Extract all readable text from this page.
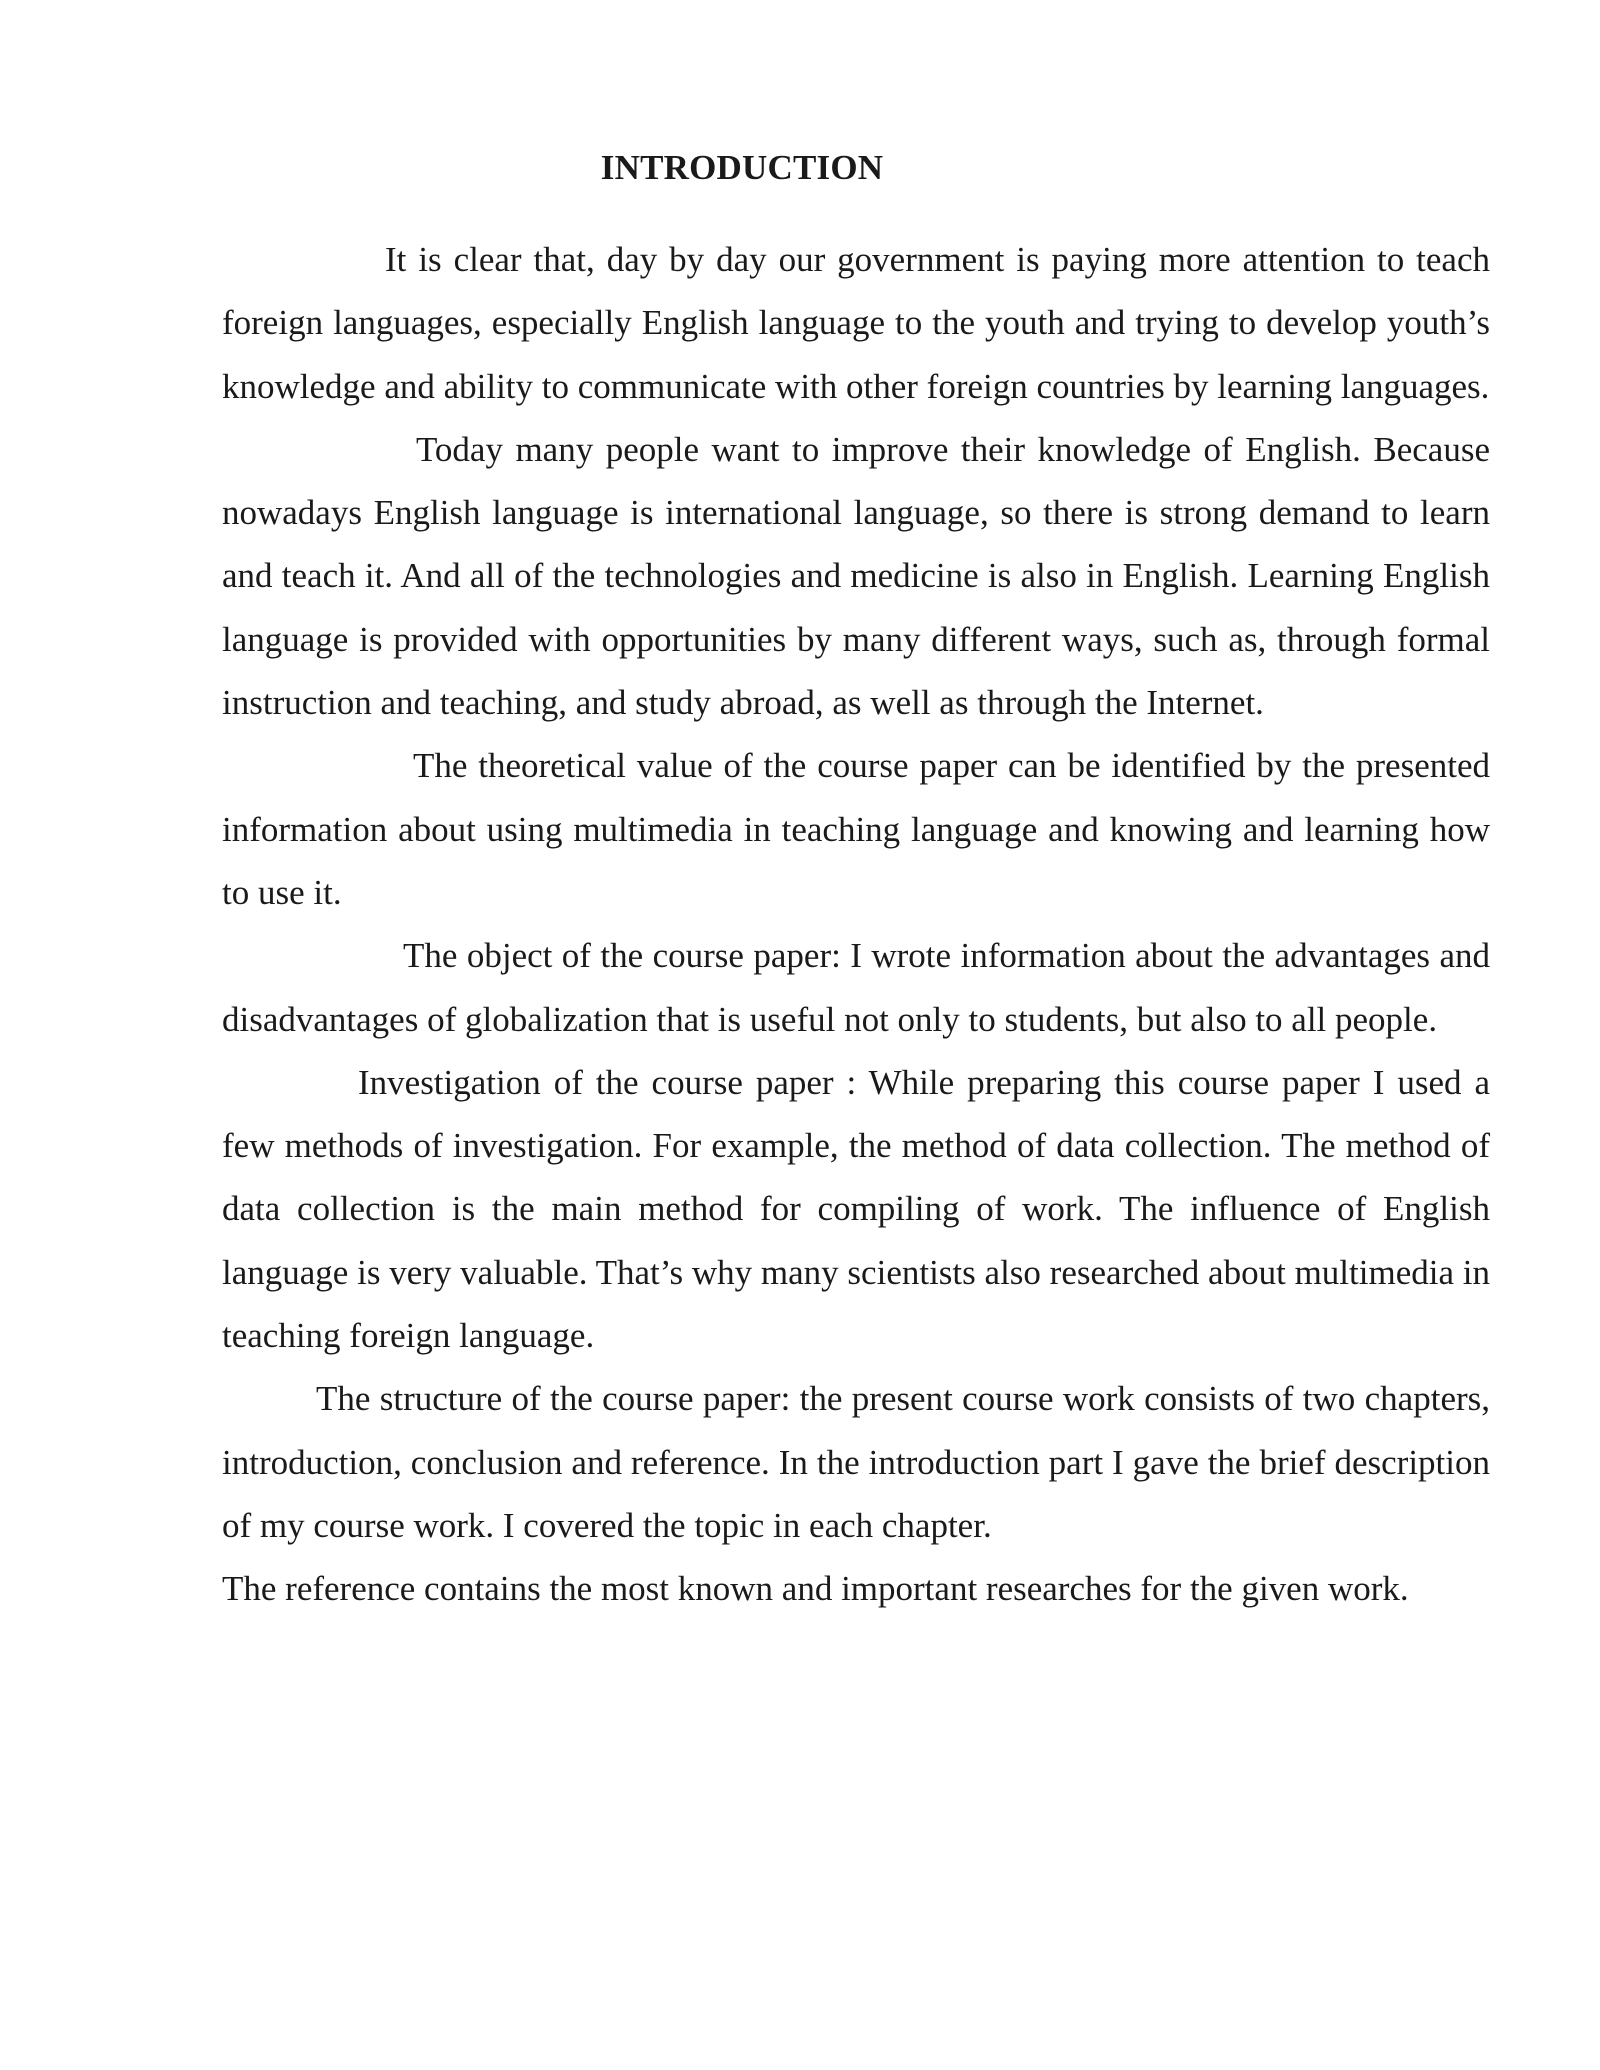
INTRODUCTION

It is clear that, day by day our government is paying more attention to teach foreign languages, especially English language to the youth and trying to develop youth’s knowledge and ability to communicate with other foreign countries by learning languages.

Today many people want to improve their knowledge of English. Because nowadays English language is international language, so there is strong demand to learn and teach it. And all of the technologies and medicine is also in English. Learning English language is provided with opportunities by many different ways, such as, through formal instruction and teaching, and study abroad, as well as through the Internet.

The theoretical value of the course paper can be identified by the presented information about using multimedia in teaching language and knowing and learning how to use it.

The object of the course paper: I wrote information about the advantages and disadvantages of globalization that is useful not only to students, but also to all people.

Investigation of the course paper : While preparing this course paper I used a few methods of investigation. For example, the method of data collection. The method of data collection is the main method for compiling of work. The influence of English language is very valuable. That’s why many scientists also researched about multimedia in teaching foreign language.

The structure of the course paper: the present course work consists of two chapters, introduction, conclusion and reference. In the introduction part I gave the brief description of my course work. I covered the topic in each chapter.

The reference contains the most known and important researches for the given work.
